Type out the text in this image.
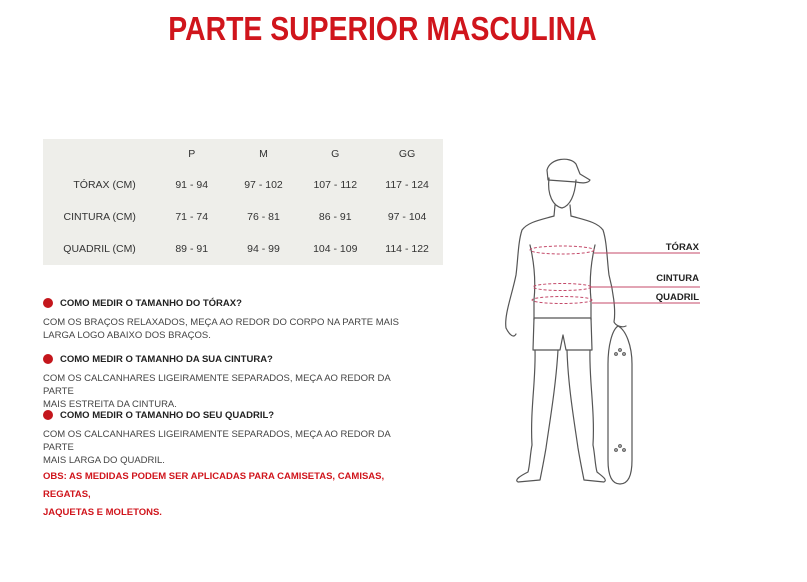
PARTE SUPERIOR MASCULINA
	P	M	G	GG
TÓRAX (CM)	91 - 94	97 - 102	107 - 112	117 - 124
CINTURA (CM)	71 - 74	76 - 81	86 - 91	97 - 104
QUADRIL (CM)	89 - 91	94 - 99	104 - 109	114 - 122
COMO MEDIR O TAMANHO DO TÓRAX?
COM OS BRAÇOS RELAXADOS, MEÇA AO REDOR DO CORPO NA PARTE MAIS
LARGA LOGO ABAIXO DOS BRAÇOS.
COMO MEDIR O TAMANHO DA SUA CINTURA?
COM OS CALCANHARES LIGEIRAMENTE SEPARADOS, MEÇA AO REDOR DA PARTE
MAIS ESTREITA DA CINTURA.
COMO MEDIR O TAMANHO DO SEU QUADRIL?
COM OS CALCANHARES LIGEIRAMENTE SEPARADOS, MEÇA AO REDOR DA PARTE
MAIS LARGA DO QUADRIL.
OBS: AS MEDIDAS PODEM SER APLICADAS PARA CAMISETAS, CAMISAS, REGATAS,
JAQUETAS E MOLETONS.
TÓRAX
CINTURA
QUADRIL
